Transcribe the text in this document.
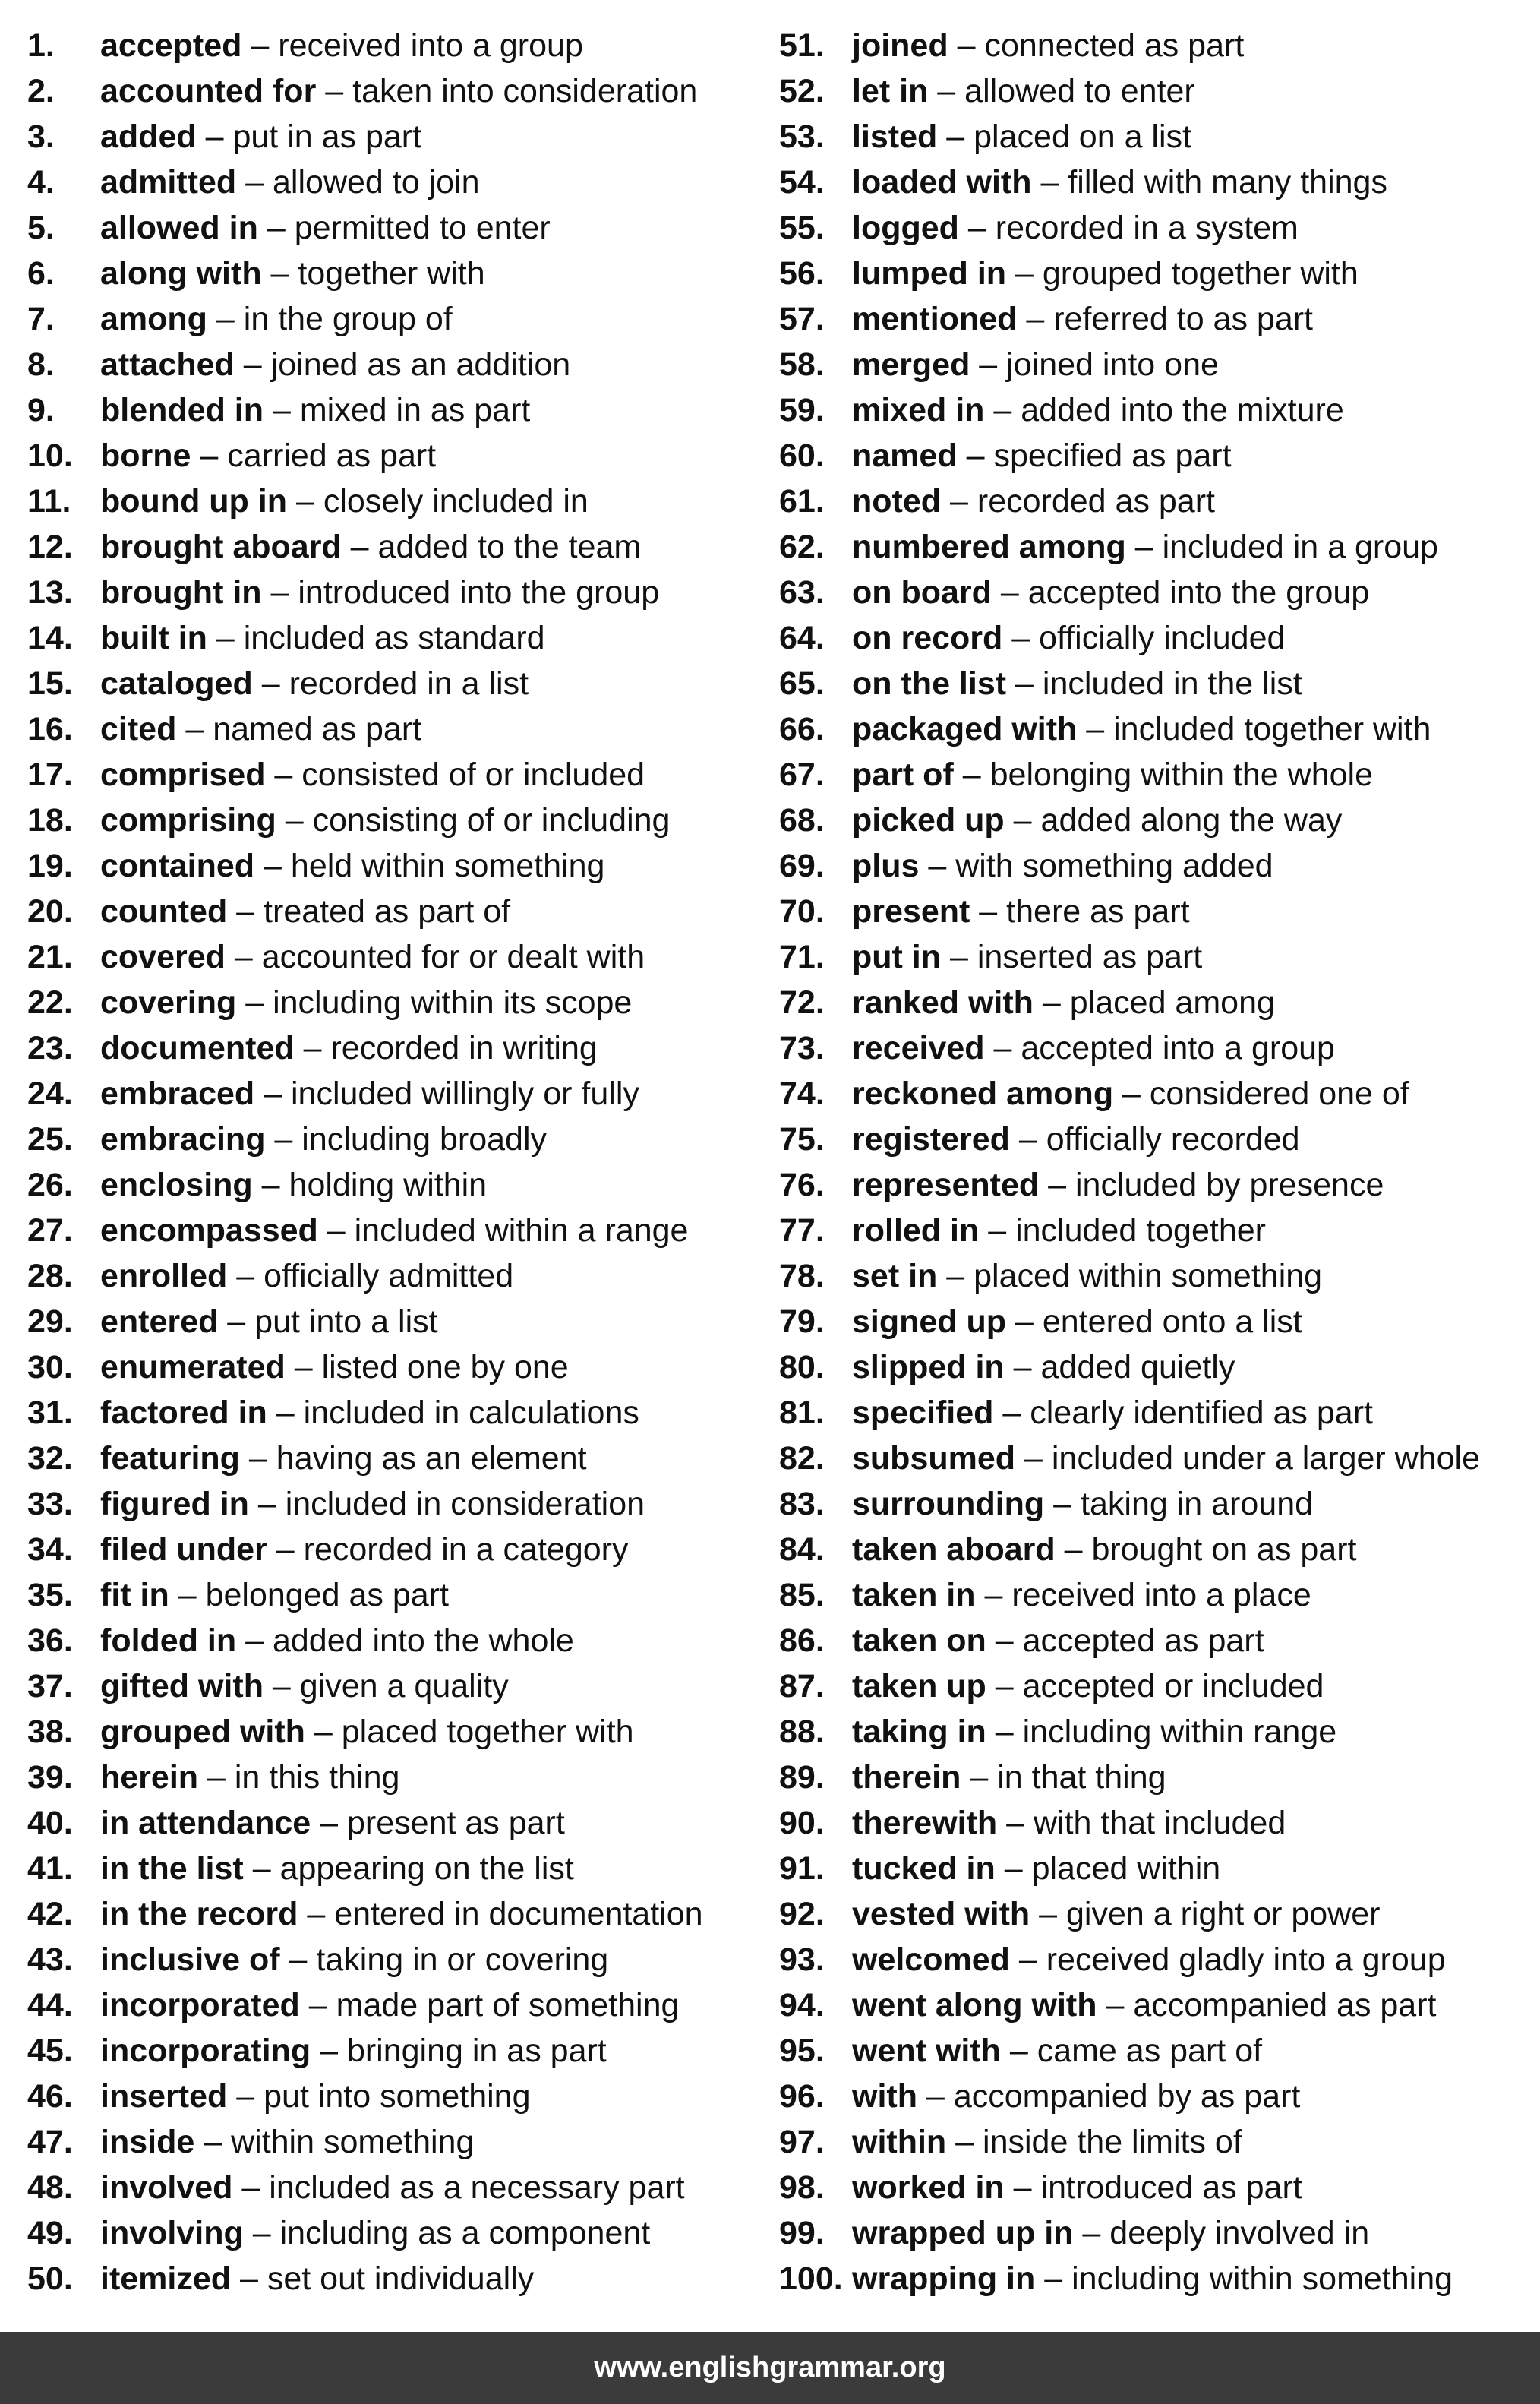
1. accepted – received into a group
2. accounted for – taken into consideration
3. added – put in as part
4. admitted – allowed to join
5. allowed in – permitted to enter
6. along with – together with
7. among – in the group of
8. attached – joined as an addition
9. blended in – mixed in as part
10. borne – carried as part
11. bound up in – closely included in
12. brought aboard – added to the team
13. brought in – introduced into the group
14. built in – included as standard
15. cataloged – recorded in a list
16. cited – named as part
17. comprised – consisted of or included
18. comprising – consisting of or including
19. contained – held within something
20. counted – treated as part of
21. covered – accounted for or dealt with
22. covering – including within its scope
23. documented – recorded in writing
24. embraced – included willingly or fully
25. embracing – including broadly
26. enclosing – holding within
27. encompassed – included within a range
28. enrolled – officially admitted
29. entered – put into a list
30. enumerated – listed one by one
31. factored in – included in calculations
32. featuring – having as an element
33. figured in – included in consideration
34. filed under – recorded in a category
35. fit in – belonged as part
36. folded in – added into the whole
37. gifted with – given a quality
38. grouped with – placed together with
39. herein – in this thing
40. in attendance – present as part
41. in the list – appearing on the list
42. in the record – entered in documentation
43. inclusive of – taking in or covering
44. incorporated – made part of something
45. incorporating – bringing in as part
46. inserted – put into something
47. inside – within something
48. involved – included as a necessary part
49. involving – including as a component
50. itemized – set out individually
51. joined – connected as part
52. let in – allowed to enter
53. listed – placed on a list
54. loaded with – filled with many things
55. logged – recorded in a system
56. lumped in – grouped together with
57. mentioned – referred to as part
58. merged – joined into one
59. mixed in – added into the mixture
60. named – specified as part
61. noted – recorded as part
62. numbered among – included in a group
63. on board – accepted into the group
64. on record – officially included
65. on the list – included in the list
66. packaged with – included together with
67. part of – belonging within the whole
68. picked up – added along the way
69. plus – with something added
70. present – there as part
71. put in – inserted as part
72. ranked with – placed among
73. received – accepted into a group
74. reckoned among – considered one of
75. registered – officially recorded
76. represented – included by presence
77. rolled in – included together
78. set in – placed within something
79. signed up – entered onto a list
80. slipped in – added quietly
81. specified – clearly identified as part
82. subsumed – included under a larger whole
83. surrounding – taking in around
84. taken aboard – brought on as part
85. taken in – received into a place
86. taken on – accepted as part
87. taken up – accepted or included
88. taking in – including within range
89. therein – in that thing
90. therewith – with that included
91. tucked in – placed within
92. vested with – given a right or power
93. welcomed – received gladly into a group
94. went along with – accompanied as part
95. went with – came as part of
96. with – accompanied by as part
97. within – inside the limits of
98. worked in – introduced as part
99. wrapped up in – deeply involved in
100. wrapping in – including within something
www.englishgrammar.org
